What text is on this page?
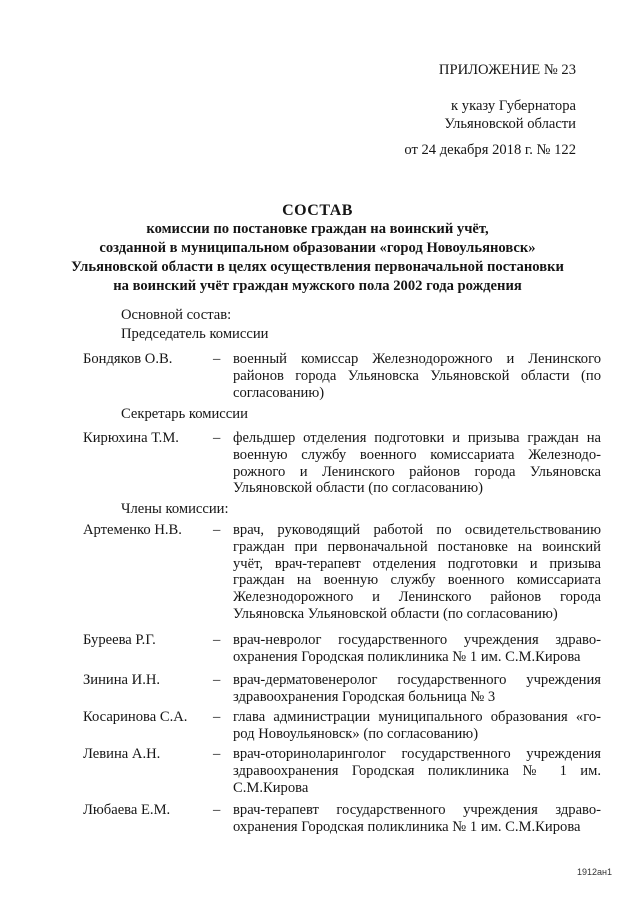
ПРИЛОЖЕНИЕ № 23
к указу Губернатора
Ульяновской области
от 24 декабря 2018 г. № 122
СОСТАВ
комиссии по постановке граждан на воинский учёт,
созданной в муниципальном образовании «город Новоульяновск»
Ульяновской области в целях осуществления первоначальной постановки
на воинский учёт граждан мужского пола 2002 года рождения
Основной состав:
Председатель комиссии
Бондяков О.В.	– военный комиссар Железнодорожного и Ленинского районов города Ульяновска Ульяновской области (по согласованию)
Секретарь комиссии
Кирюхина Т.М. – фельдшер отделения подготовки и призыва граждан на военную службу военного комиссариата Железнодо-рожного и Ленинского районов города Ульяновска Ульяновской области (по согласованию)
Члены комиссии:
Артеменко Н.В. – врач, руководящий работой по освидетельствованию граждан при первоначальной постановке на воинский учёт, врач-терапевт отделения подготовки и призыва граждан на военную службу военного комиссариата Железнодорожного и Ленинского районов города Ульяновска Ульяновской области (по согласованию)
Буреева Р.Г.	– врач-невролог государственного учреждения здраво-охранения Городская поликлиника № 1 им. С.М.Кирова
Зинина И.Н.	– врач-дерматовенеролог государственного учреждения здравоохранения Городская больница № 3
Косаринова С.А. – глава администрации муниципального образования «го-род Новоульяновск» (по согласованию)
Левина А.Н.	– врач-оториноларинголог государственного учреждения здравоохранения Городская поликлиника № 1 им. С.М.Кирова
Любаева Е.М.	– врач-терапевт государственного учреждения здраво-охранения Городская поликлиника № 1 им. С.М.Кирова
1912ан1
